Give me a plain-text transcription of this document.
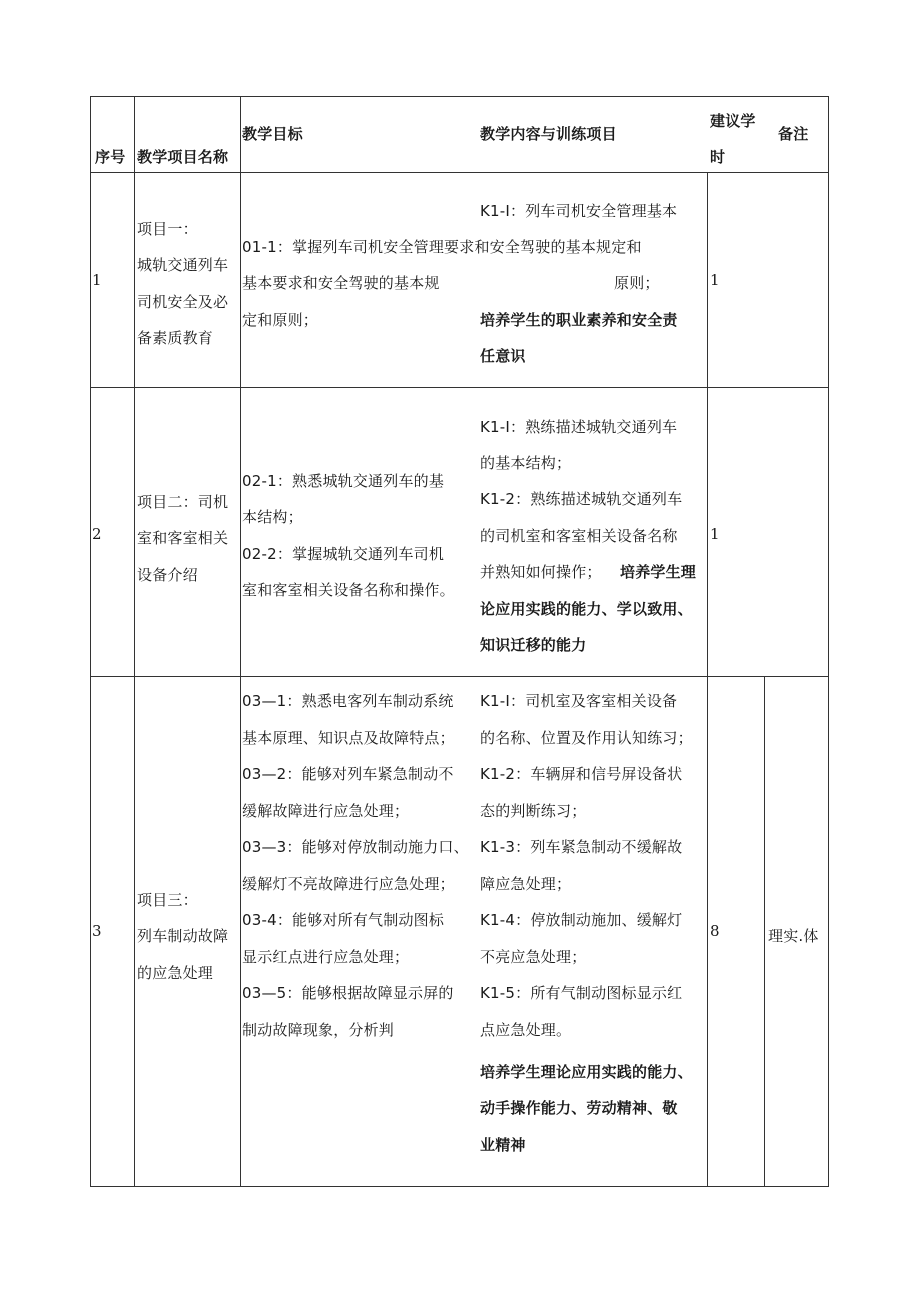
序号 教学项目名称
教学目标	教学内容与训练项目
建议学
时
备注
1
项目一：
城轨交通列车
司机安全及必
备素质教育
01-1：掌握列车司机安全管理要求和安全驾驶的基本规定和
基本要求和安全驾驶的基本规
定和原则；
K1-I：列车司机安全管理基本
原则；
培养学生的职业素养和安全责
任意识
1
2
项目二：司机
室和客室相关
设备介绍
02-1：熟悉城轨交通列车的基
本结构；
02-2：掌握城轨交通列车司机
室和客室相关设备名称和操作。
K1-I：熟练描述城轨交通列车
的基本结构；
K1-2：熟练描述城轨交通列车
的司机室和客室相关设备名称
并熟知如何操作； 培养学生理
论应用实践的能力、学以致用、
知识迁移的能力
1
3
项目三：
列车制动故障
的应急处理
03—1：熟悉电客列车制动系统
基本原理、知识点及故障特点；
03—2：能够对列车紧急制动不
缓解故障进行应急处理；
03—3：能够对停放制动施力口、
缓解灯不亮故障进行应急处理；
03-4：能够对所有气制动图标
显示红点进行应急处理；
03—5：能够根据故障显示屏的
制动故障现象，分析判
K1-I：司机室及客室相关设备
的名称、位置及作用认知练习；
K1-2：车辆屏和信号屏设备状
态的判断练习；
K1-3：列车紧急制动不缓解故
障应急处理；
K1-4：停放制动施加、缓解灯
不亮应急处理；
K1-5：所有气制动图标显示红
点应急处理。
培养学生理论应用实践的能力、
动手操作能力、劳动精神、敬
业精神
8	理实.体
